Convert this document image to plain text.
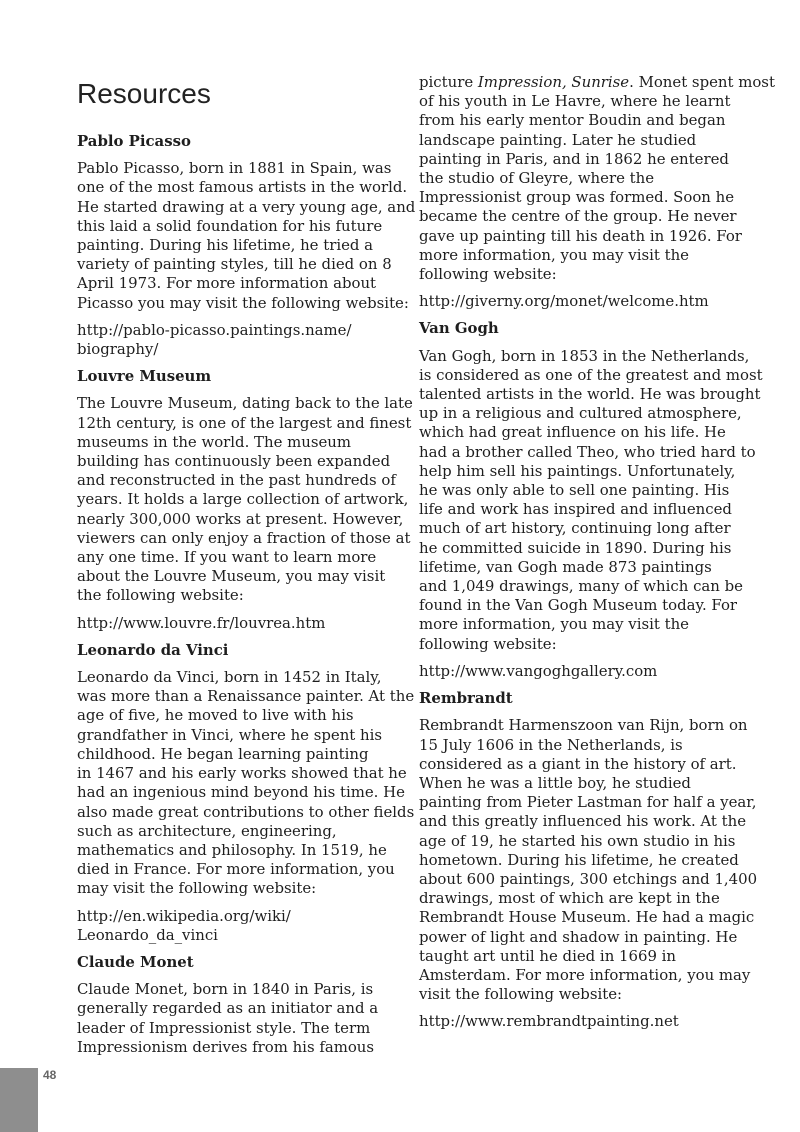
Resources
Pablo Picasso
Pablo Picasso, born in 1881 in Spain, was
one of the most famous artists in the world.
He started drawing at a very young age, and
this laid a solid foundation for his future
painting. During his lifetime, he tried a
variety of painting styles, till he died on 8
April 1973. For more information about
Picasso you may visit the following website:
http://pablo-picasso.paintings.name/
biography/
Louvre Museum
The Louvre Museum, dating back to the late
12th century, is one of the largest and finest
museums in the world. The museum
building has continuously been expanded
and reconstructed in the past hundreds of
years. It holds a large collection of artwork,
nearly 300,000 works at present. However,
viewers can only enjoy a fraction of those at
any one time. If you want to learn more
about the Louvre Museum, you may visit
the following website:
http://www.louvre.fr/louvrea.htm
Leonardo da Vinci
Leonardo da Vinci, born in 1452 in Italy,
was more than a Renaissance painter. At the
age of five, he moved to live with his
grandfather in Vinci, where he spent his
childhood. He began learning painting
in 1467 and his early works showed that he
had an ingenious mind beyond his time. He
also made great contributions to other fields
such as architecture, engineering,
mathematics and philosophy. In 1519, he
died in France. For more information, you
may visit the following website:
http://en.wikipedia.org/wiki/
Leonardo_da_vinci
Claude Monet
Claude Monet, born in 1840 in Paris, is
generally regarded as an initiator and a
leader of Impressionist style. The term
Impressionism derives from his famous
picture Impression, Sunrise. Monet spent most
of his youth in Le Havre, where he learnt
from his early mentor Boudin and began
landscape painting. Later he studied
painting in Paris, and in 1862 he entered
the studio of Gleyre, where the
Impressionist group was formed. Soon he
became the centre of the group. He never
gave up painting till his death in 1926. For
more information, you may visit the
following website:
http://giverny.org/monet/welcome.htm
Van Gogh
Van Gogh, born in 1853 in the Netherlands,
is considered as one of the greatest and most
talented artists in the world. He was brought
up in a religious and cultured atmosphere,
which had great influence on his life. He
had a brother called Theo, who tried hard to
help him sell his paintings. Unfortunately,
he was only able to sell one painting. His
life and work has inspired and influenced
much of art history, continuing long after
he committed suicide in 1890. During his
lifetime, van Gogh made 873 paintings
and 1,049 drawings, many of which can be
found in the Van Gogh Museum today. For
more information, you may visit the
following website:
http://www.vangoghgallery.com
Rembrandt
Rembrandt Harmenszoon van Rijn, born on
15 July 1606 in the Netherlands, is
considered as a giant in the history of art.
When he was a little boy, he studied
painting from Pieter Lastman for half a year,
and this greatly influenced his work. At the
age of 19, he started his own studio in his
hometown. During his lifetime, he created
about 600 paintings, 300 etchings and 1,400
drawings, most of which are kept in the
Rembrandt House Museum. He had a magic
power of light and shadow in painting. He
taught art until he died in 1669 in
Amsterdam. For more information, you may
visit the following website:
http://www.rembrandtpainting.net
48
